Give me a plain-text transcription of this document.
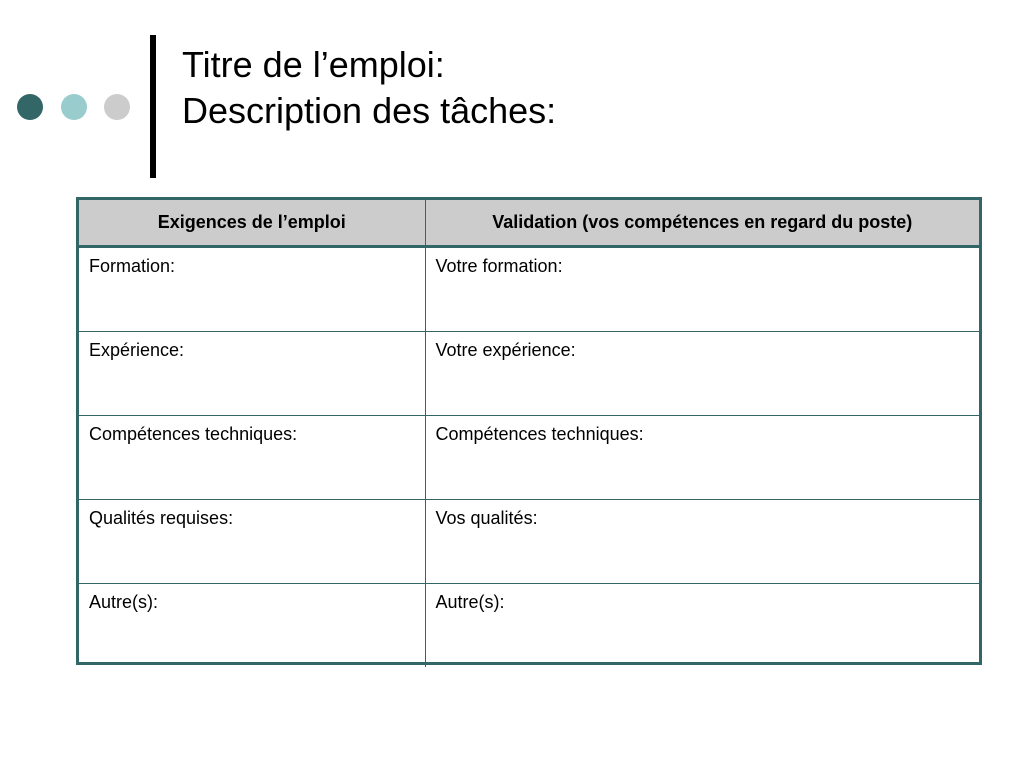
Titre de l’emploi:
Description des tâches:
Exigences de l’emploi	Validation (vos compétences en regard du poste)
Formation:	Votre formation:
Expérience:	Votre expérience:
Compétences techniques:	Compétences techniques:
Qualités requises:	Vos qualités:
Autre(s):	Autre(s):
